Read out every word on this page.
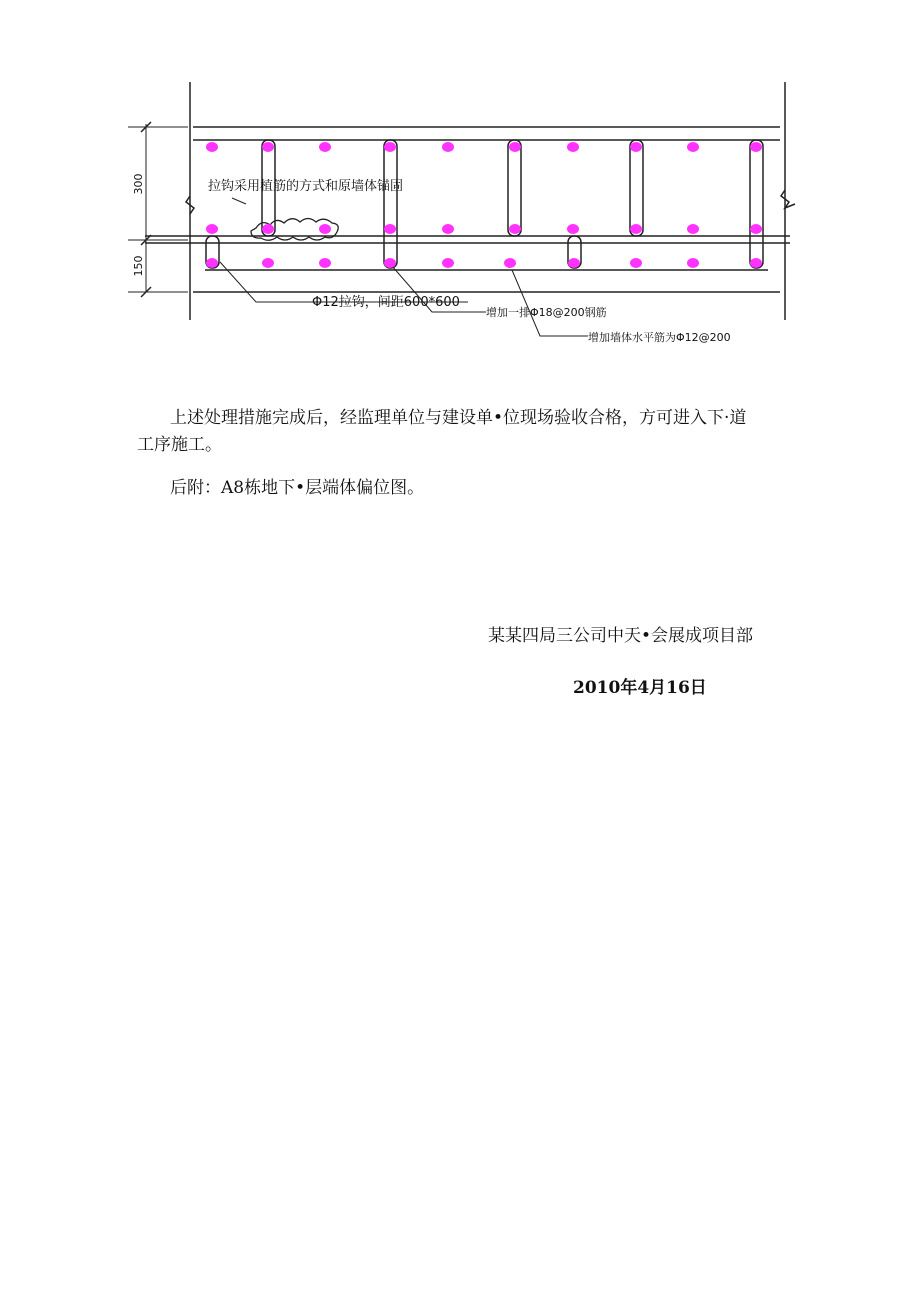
300
150
拉钩采用植筋的方式和原墙体锚固
Φ12拉钩，间距600*600
增加一排Φ18@200钢筋
增加墙体水平筋为Φ12@200
上述处理措施完成后，经监理单位与建设单•位现场验收合格，方可进入下·道
工序施工。
后附：A8栋地下•层端体偏位图。
某某四局三公司中天•会展成项目部
2010年4月16日
